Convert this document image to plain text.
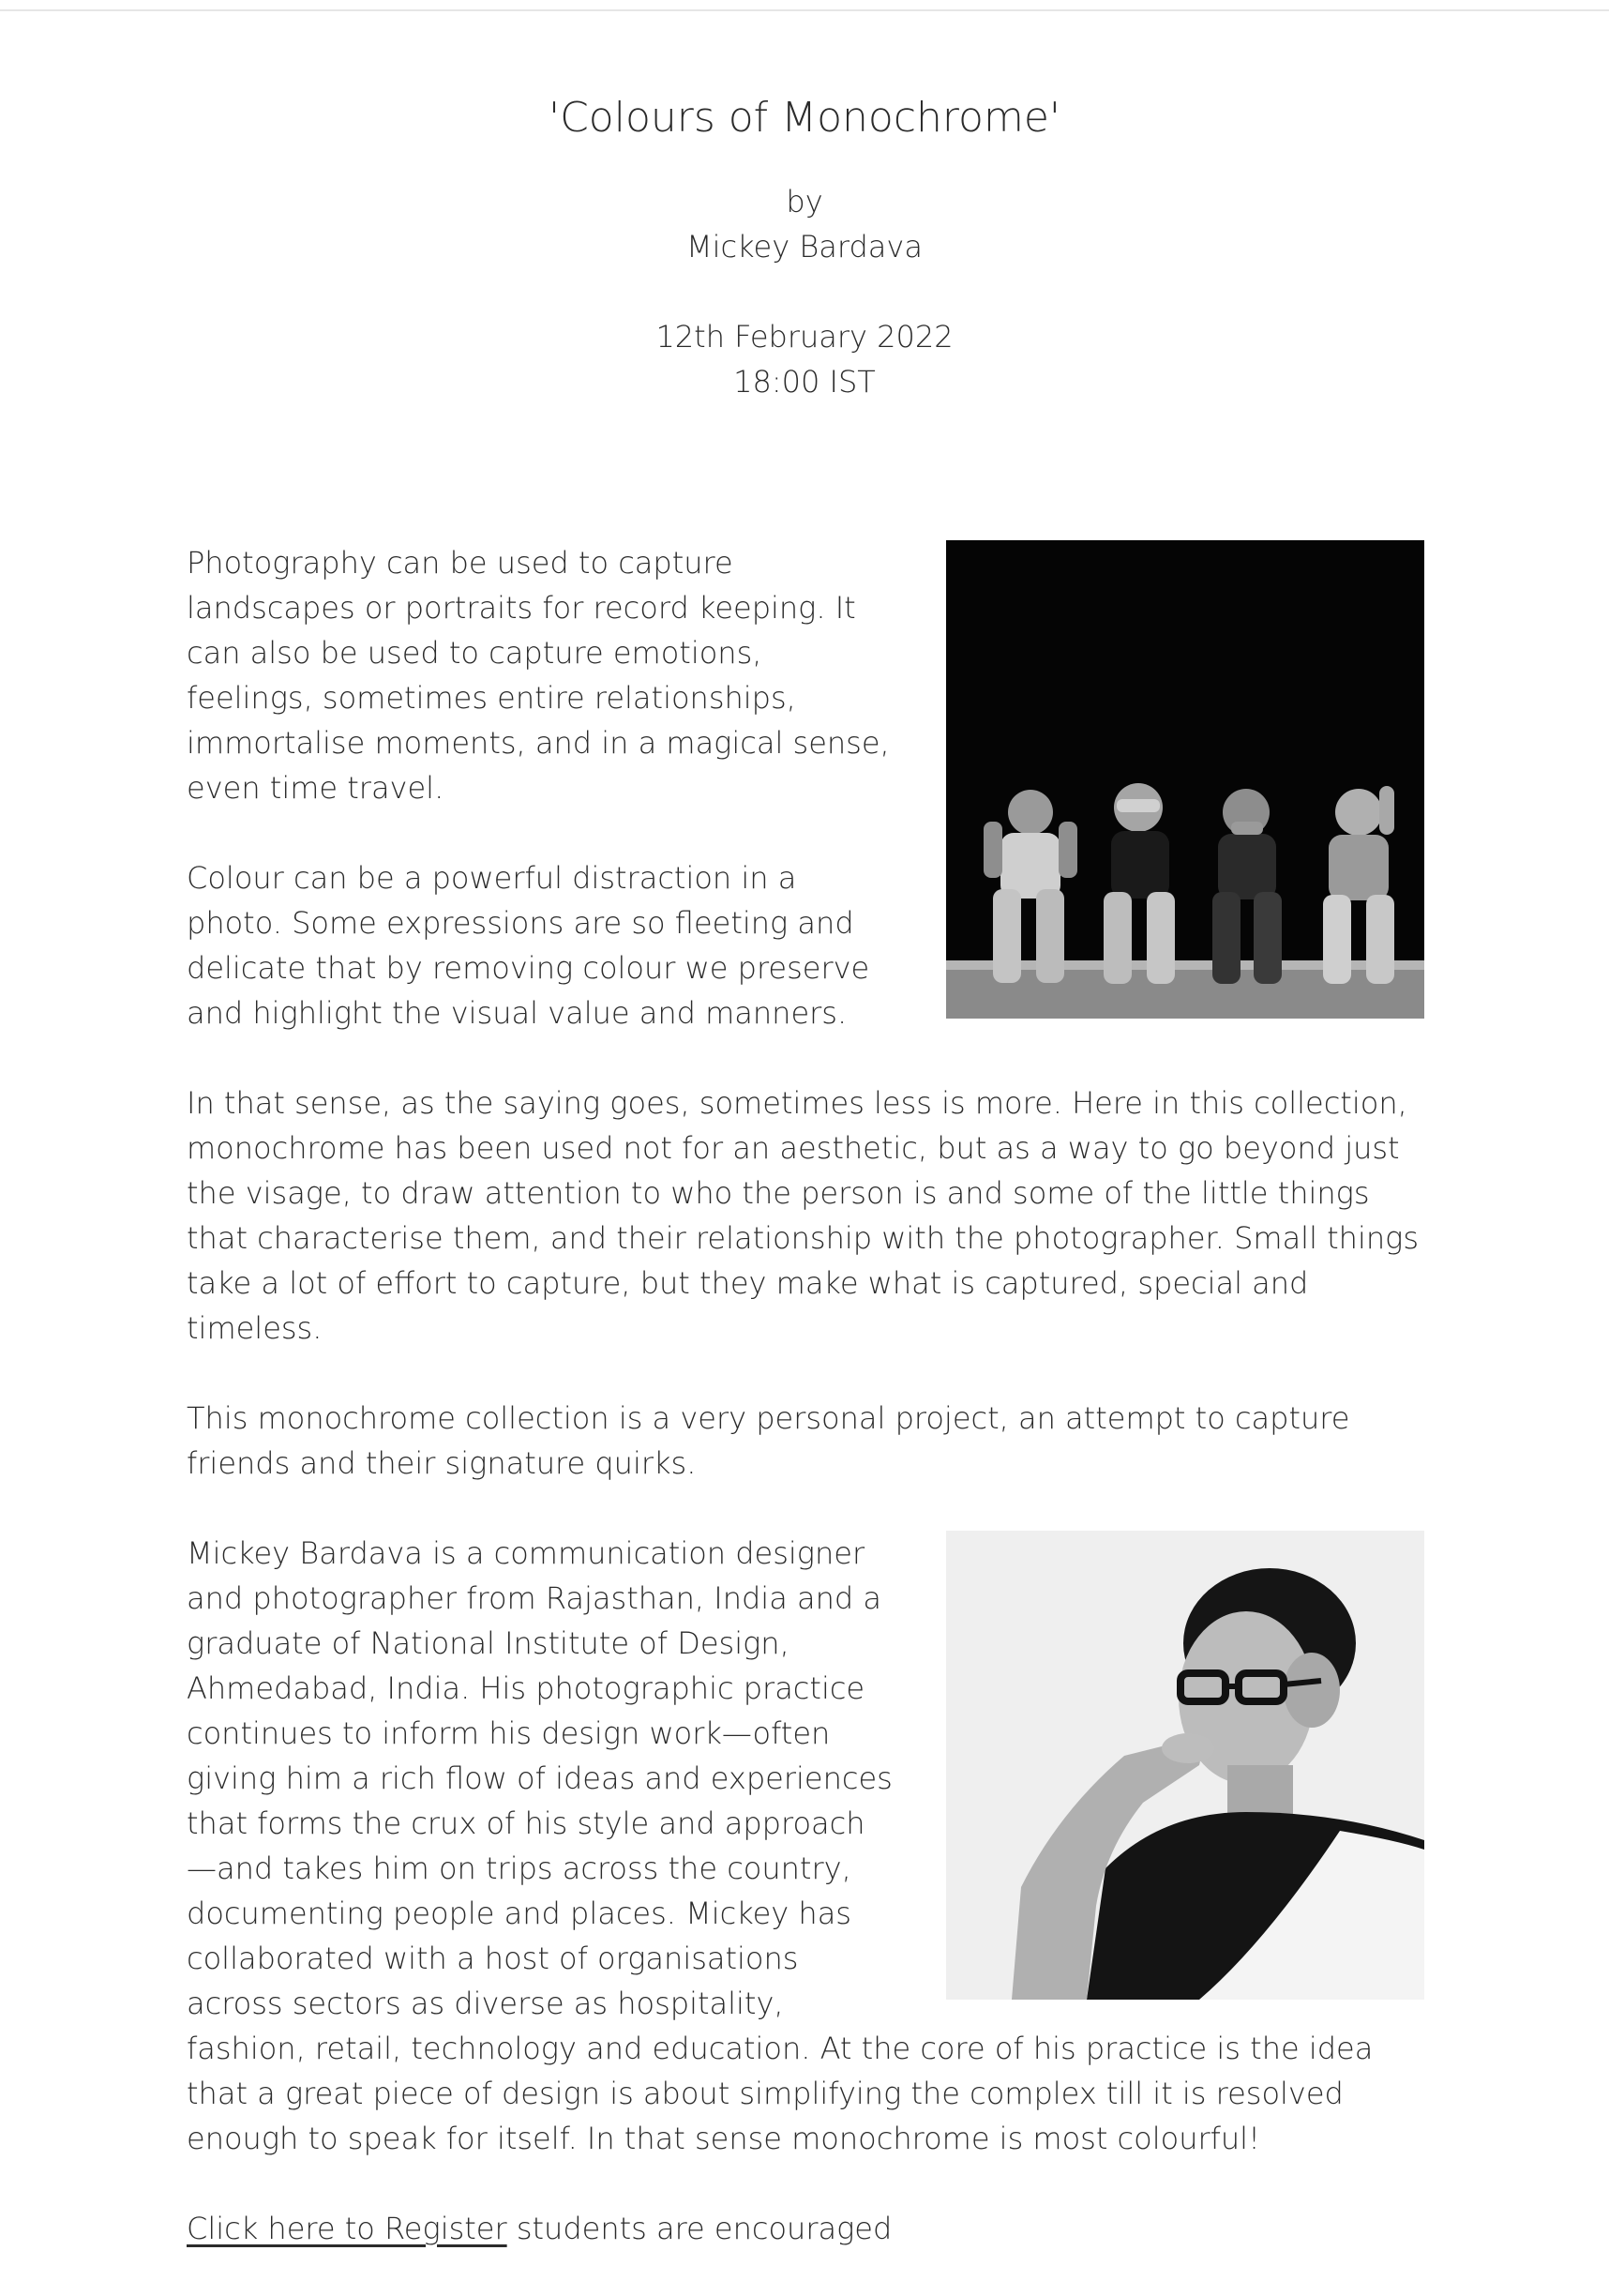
'Colours of Monochrome'
by
Mickey Bardava
12th February 2022
18:00 IST

Photography can be used to capture landscapes or portraits for record keeping. It can also be used to capture emotions, feelings, sometimes entire relationships, immortalise moments, and in a magical sense, even time travel.

Colour can be a powerful distraction in a photo. Some expressions are so fleeting and delicate that by removing colour we preserve and highlight the visual value and manners.

In that sense, as the saying goes, sometimes less is more. Here in this collection, monochrome has been used not for an aesthetic, but as a way to go beyond just the visage, to draw attention to who the person is and some of the little things that characterise them, and their relationship with the photographer. Small things take a lot of effort to capture, but they make what is captured, special and timeless.

This monochrome collection is a very personal project, an attempt to capture friends and their signature quirks.

Mickey Bardava is a communication designer and photographer from Rajasthan, India and a graduate of National Institute of Design, Ahmedabad, India. His photographic practice continues to inform his design work—often giving him a rich flow of ideas and experiences that forms the crux of his style and approach—and takes him on trips across the country, documenting people and places. Mickey has collaborated with a host of organisations across sectors as diverse as hospitality, fashion, retail, technology and education. At the core of his practice is the idea that a great piece of design is about simplifying the complex till it is resolved enough to speak for itself. In that sense monochrome is most colourful!

Click here to Register students are encouraged
